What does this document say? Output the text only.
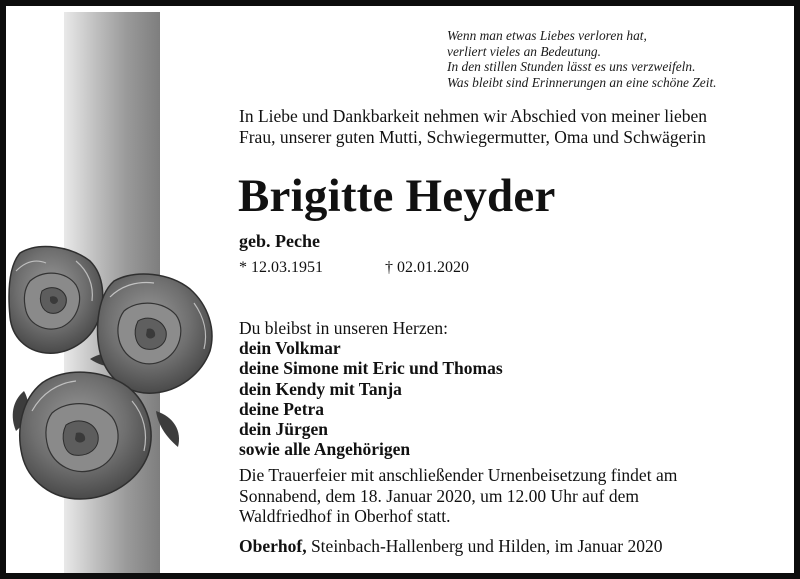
Wenn man etwas Liebes verloren hat,
verliert vieles an Bedeutung.
In den stillen Stunden lässt es uns verzweifeln.
Was bleibt sind Erinnerungen an eine schöne Zeit.
In Liebe und Dankbarkeit nehmen wir Abschied von meiner lieben
Frau, unserer guten Mutti, Schwiegermutter, Oma und Schwägerin
Brigitte Heyder
geb. Peche
* 12.03.1951	† 02.01.2020
Du bleibst in unseren Herzen:
dein Volkmar
deine Simone mit Eric und Thomas
dein Kendy mit Tanja
deine Petra
dein Jürgen
sowie alle Angehörigen
Die Trauerfeier mit anschließender Urnenbeisetzung findet am
Sonnabend, dem 18. Januar 2020, um 12.00 Uhr auf dem
Waldfriedhof in Oberhof statt.
Oberhof, Steinbach-Hallenberg und Hilden, im Januar 2020
